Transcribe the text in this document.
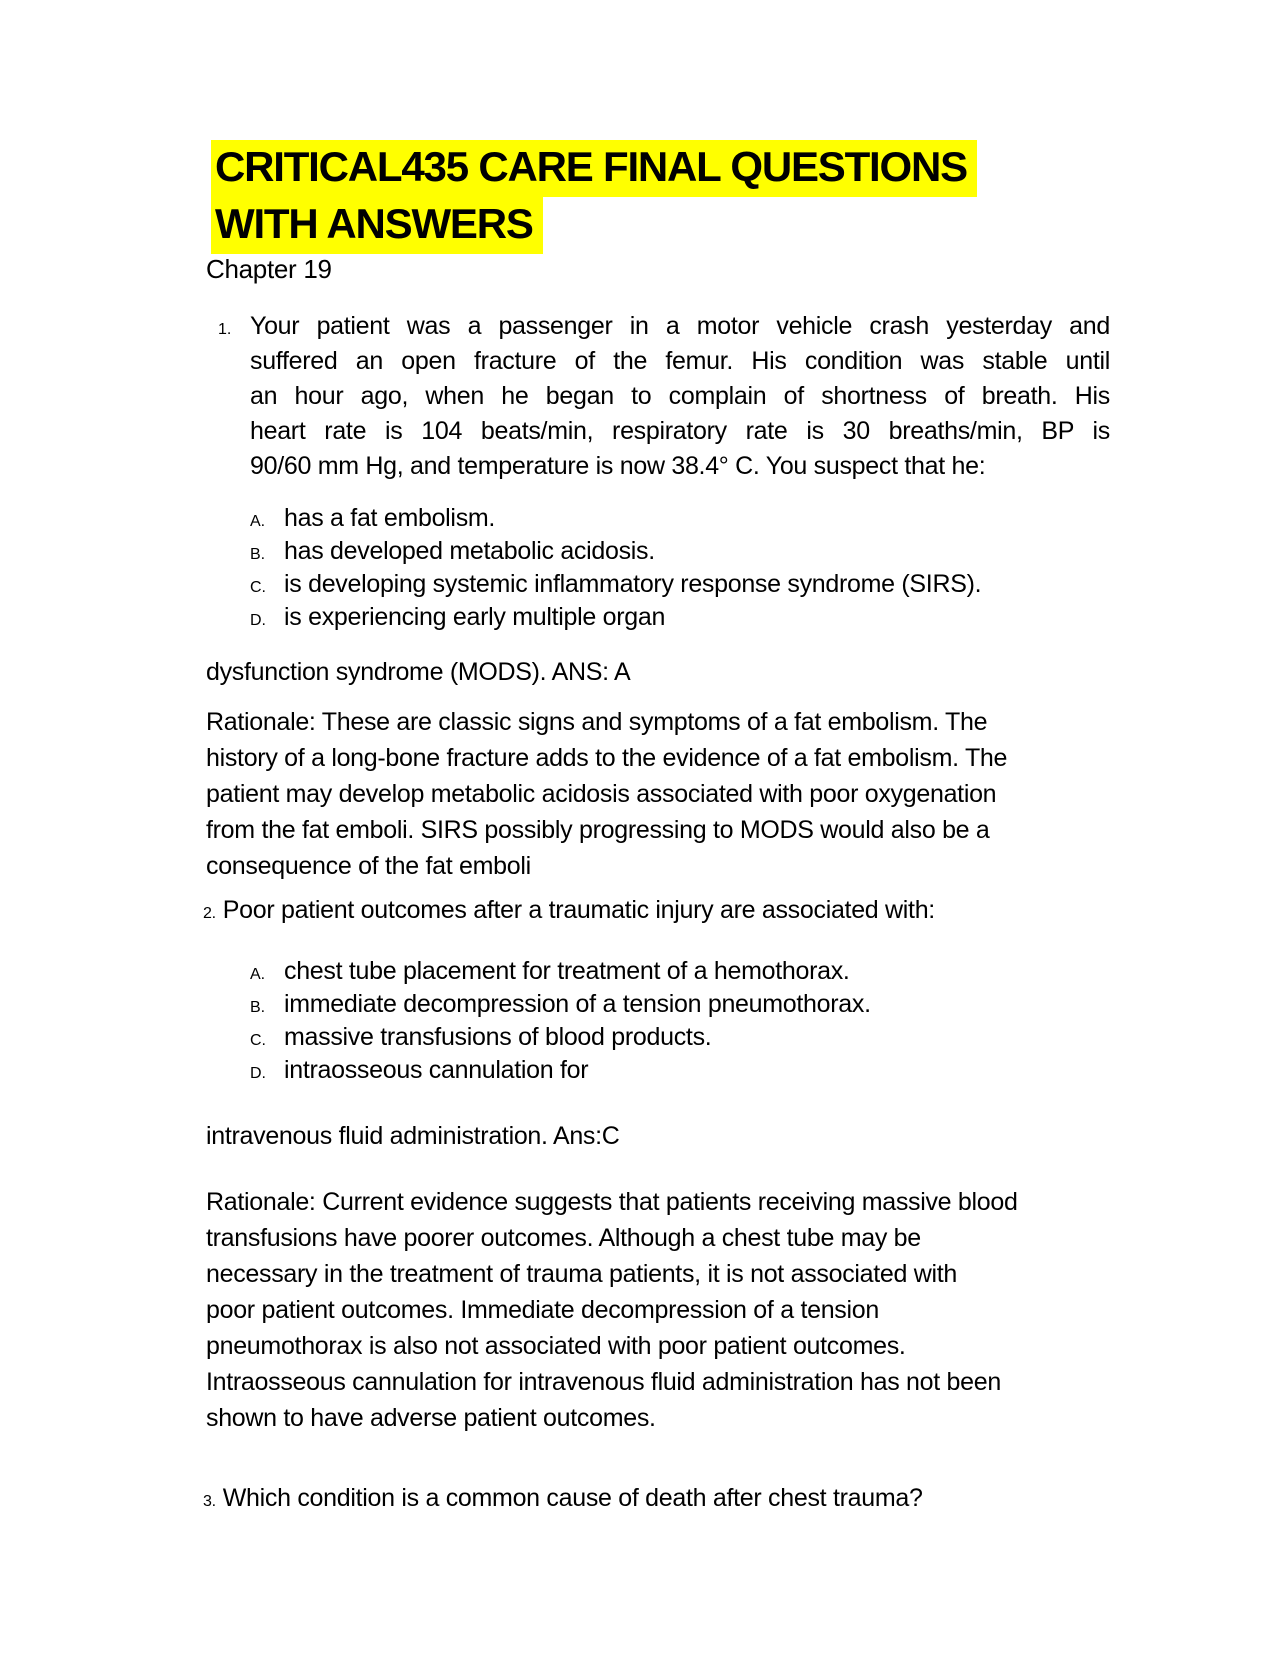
CRITICAL435 CARE FINAL QUESTIONS
WITH ANSWERS
Chapter 19
1. Your patient was a passenger in a motor vehicle crash yesterday and
suffered an open fracture of the femur. His condition was stable until
an hour ago, when he began to complain of shortness of breath. His
heart rate is 104 beats/min, respiratory rate is 30 breaths/min, BP is
90/60 mm Hg, and temperature is now 38.4° C. You suspect that he:
A. has a fat embolism.
B. has developed metabolic acidosis.
C. is developing systemic inflammatory response syndrome (SIRS).
D. is experiencing early multiple organ
dysfunction syndrome (MODS). ANS: A
Rationale: These are classic signs and symptoms of a fat embolism. The
history of a long-bone fracture adds to the evidence of a fat embolism. The
patient may develop metabolic acidosis associated with poor oxygenation
from the fat emboli. SIRS possibly progressing to MODS would also be a
consequence of the fat emboli
2. Poor patient outcomes after a traumatic injury are associated with:
A. chest tube placement for treatment of a hemothorax.
B. immediate decompression of a tension pneumothorax.
C. massive transfusions of blood products.
D. intraosseous cannulation for
intravenous fluid administration. Ans:C
Rationale: Current evidence suggests that patients receiving massive blood
transfusions have poorer outcomes. Although a chest tube may be
necessary in the treatment of trauma patients, it is not associated with
poor patient outcomes. Immediate decompression of a tension
pneumothorax is also not associated with poor patient outcomes.
Intraosseous cannulation for intravenous fluid administration has not been
shown to have adverse patient outcomes.
3. Which condition is a common cause of death after chest trauma?
